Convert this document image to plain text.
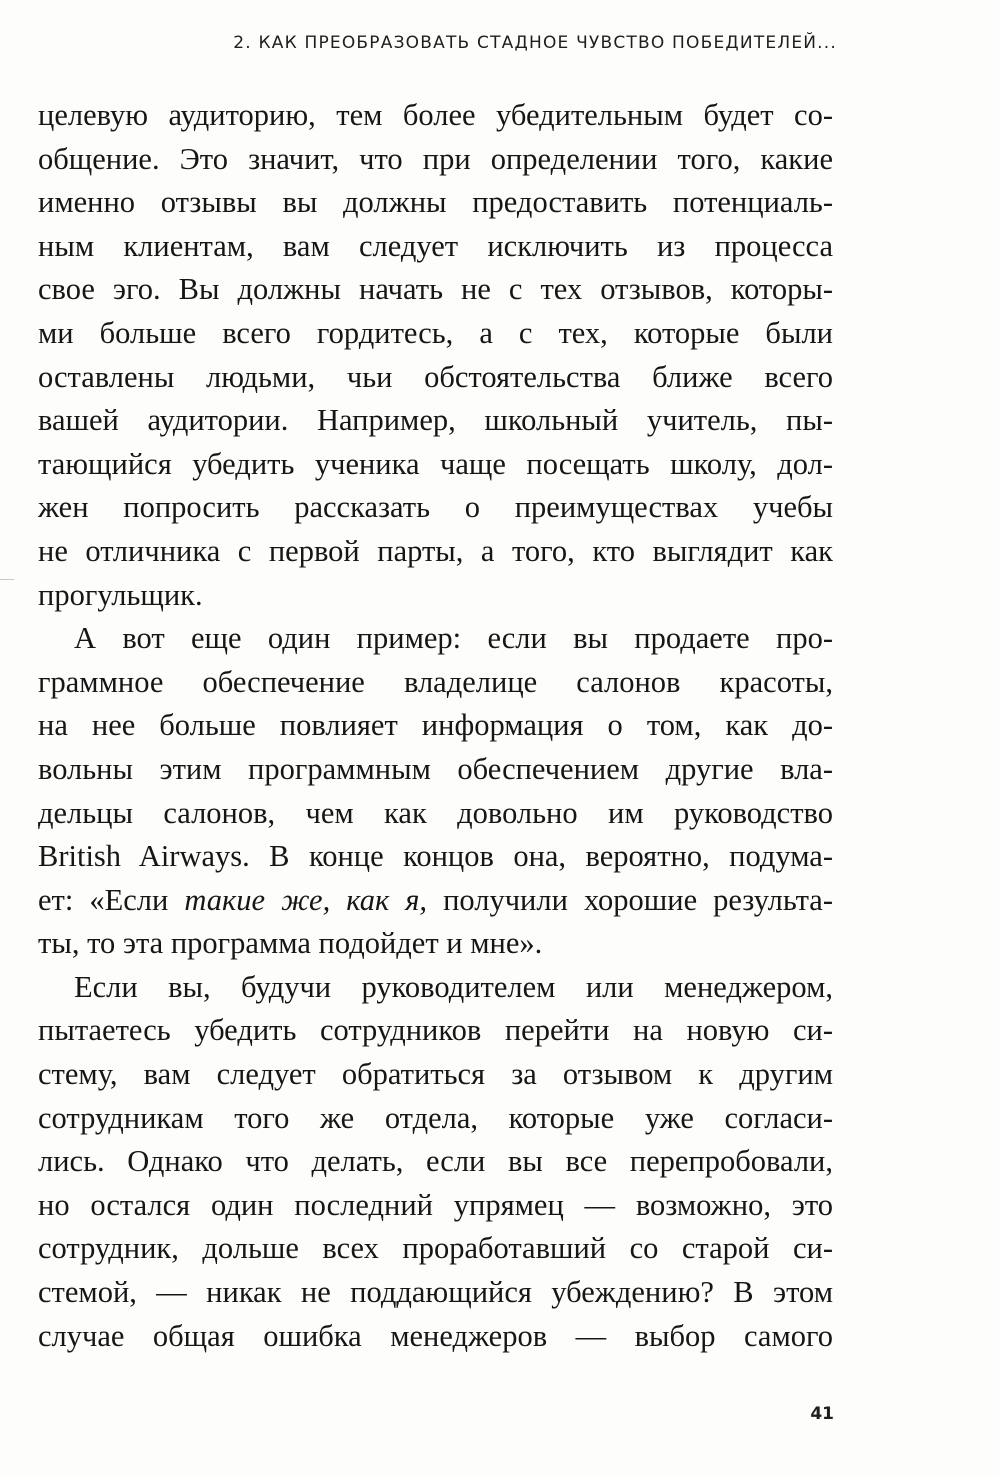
2. КАК ПРЕОБРАЗОВАТЬ СТАДНОЕ ЧУВСТВО ПОБЕДИТЕЛЕЙ...
целевую аудиторию, тем более убедительным будет со-
общение. Это значит, что при определении того, какие
именно отзывы вы должны предоставить потенциаль-
ным клиентам, вам следует исключить из процесса
свое эго. Вы должны начать не с тех отзывов, которы-
ми больше всего гордитесь, а с тех, которые были
оставлены людьми, чьи обстоятельства ближе всего
вашей аудитории. Например, школьный учитель, пы-
тающийся убедить ученика чаще посещать школу, дол-
жен попросить рассказать о преимуществах учебы
не отличника с первой парты, а того, кто выглядит как
прогульщик.
А вот еще один пример: если вы продаете про-
граммное обеспечение владелице салонов красоты,
на нее больше повлияет информация о том, как до-
вольны этим программным обеспечением другие вла-
дельцы салонов, чем как довольно им руководство
British Airways. В конце концов она, вероятно, подума-
ет: «Если такие же, как я, получили хорошие результа-
ты, то эта программа подойдет и мне».
Если вы, будучи руководителем или менеджером,
пытаетесь убедить сотрудников перейти на новую си-
стему, вам следует обратиться за отзывом к другим
сотрудникам того же отдела, которые уже согласи-
лись. Однако что делать, если вы все перепробовали,
но остался один последний упрямец — возможно, это
сотрудник, дольше всех проработавший со старой си-
стемой, — никак не поддающийся убеждению? В этом
случае общая ошибка менеджеров — выбор самого
41
